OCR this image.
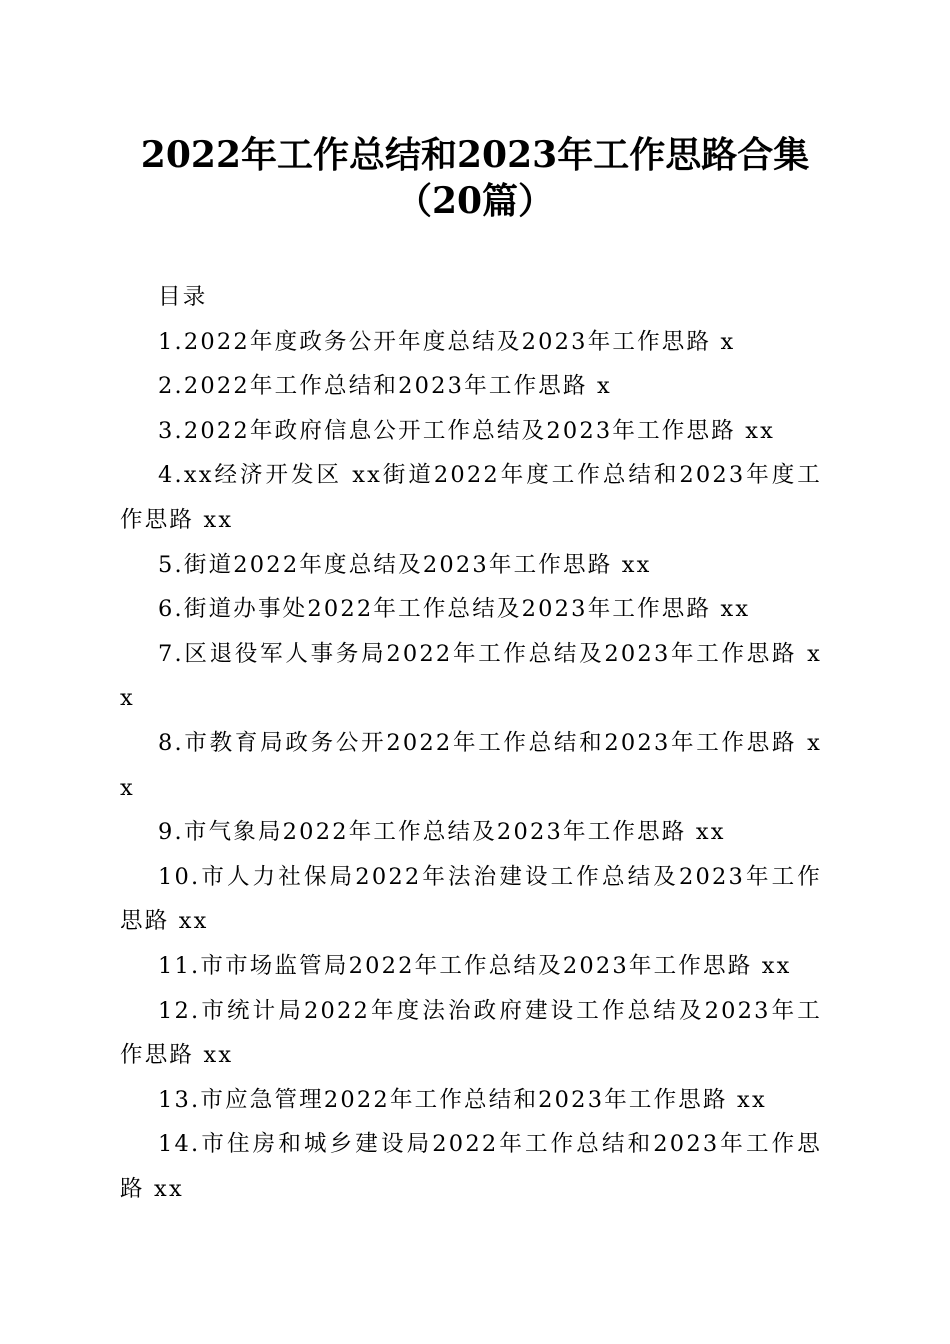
2022年工作总结和2023年工作思路合集（20篇）

目录

1.2022年度政务公开年度总结及2023年工作思路 x

2.2022年工作总结和2023年工作思路 x

3.2022年政府信息公开工作总结及2023年工作思路 xx

4.xx经济开发区 xx街道2022年度工作总结和2023年度工作思路 xx

5.街道2022年度总结及2023年工作思路 xx

6.街道办事处2022年工作总结及2023年工作思路 xx

7.区退役军人事务局2022年工作总结及2023年工作思路 xx

8.市教育局政务公开2022年工作总结和2023年工作思路 xx

9.市气象局2022年工作总结及2023年工作思路 xx

10.市人力社保局2022年法治建设工作总结及2023年工作思路 xx

11.市市场监管局2022年工作总结及2023年工作思路 xx

12.市统计局2022年度法治政府建设工作总结及2023年工作思路 xx

13.市应急管理2022年工作总结和2023年工作思路 xx

14.市住房和城乡建设局2022年工作总结和2023年工作思路 xx
